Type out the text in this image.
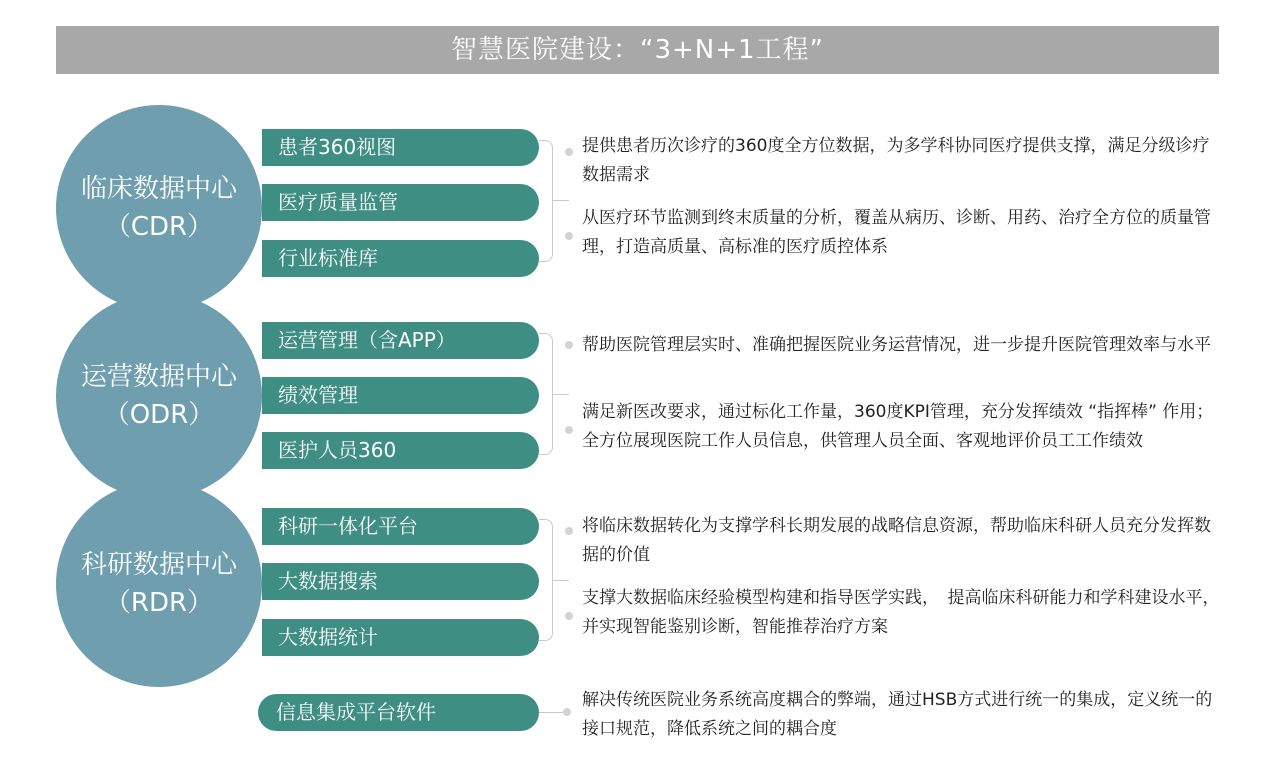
智慧医院建设：“3+N+1工程”
患者360视图
医疗质量监管
行业标准库
提供患者历次诊疗的360度全方位数据，为多学科协同医疗提供支撑，满足分级诊疗数据需求
从医疗环节监测到终末质量的分析，覆盖从病历、诊断、用药、治疗全方位的质量管理，打造高质量、高标准的医疗质控体系
运营管理（含APP）
绩效管理
医护人员360
帮助医院管理层实时、准确把握医院业务运营情况，进一步提升医院管理效率与水平
满足新医改要求，通过标化工作量，360度KPI管理，充分发挥绩效 “指挥棒” 作用；全方位展现医院工作人员信息，供管理人员全面、客观地评价员工工作绩效
科研一体化平台
大数据搜索
大数据统计
将临床数据转化为支撑学科长期发展的战略信息资源，帮助临床科研人员充分发挥数据的价值
支撑大数据临床经验模型构建和指导医学实践，　提高临床科研能力和学科建设水平，并实现智能鉴别诊断，智能推荐治疗方案
临床数据中心
（CDR）
运营数据中心
（ODR）
科研数据中心
（RDR）
信息集成平台软件	解决传统医院业务系统高度耦合的弊端，通过HSB方式进行统一的集成，定义统一的接口规范，降低系统之间的耦合度
